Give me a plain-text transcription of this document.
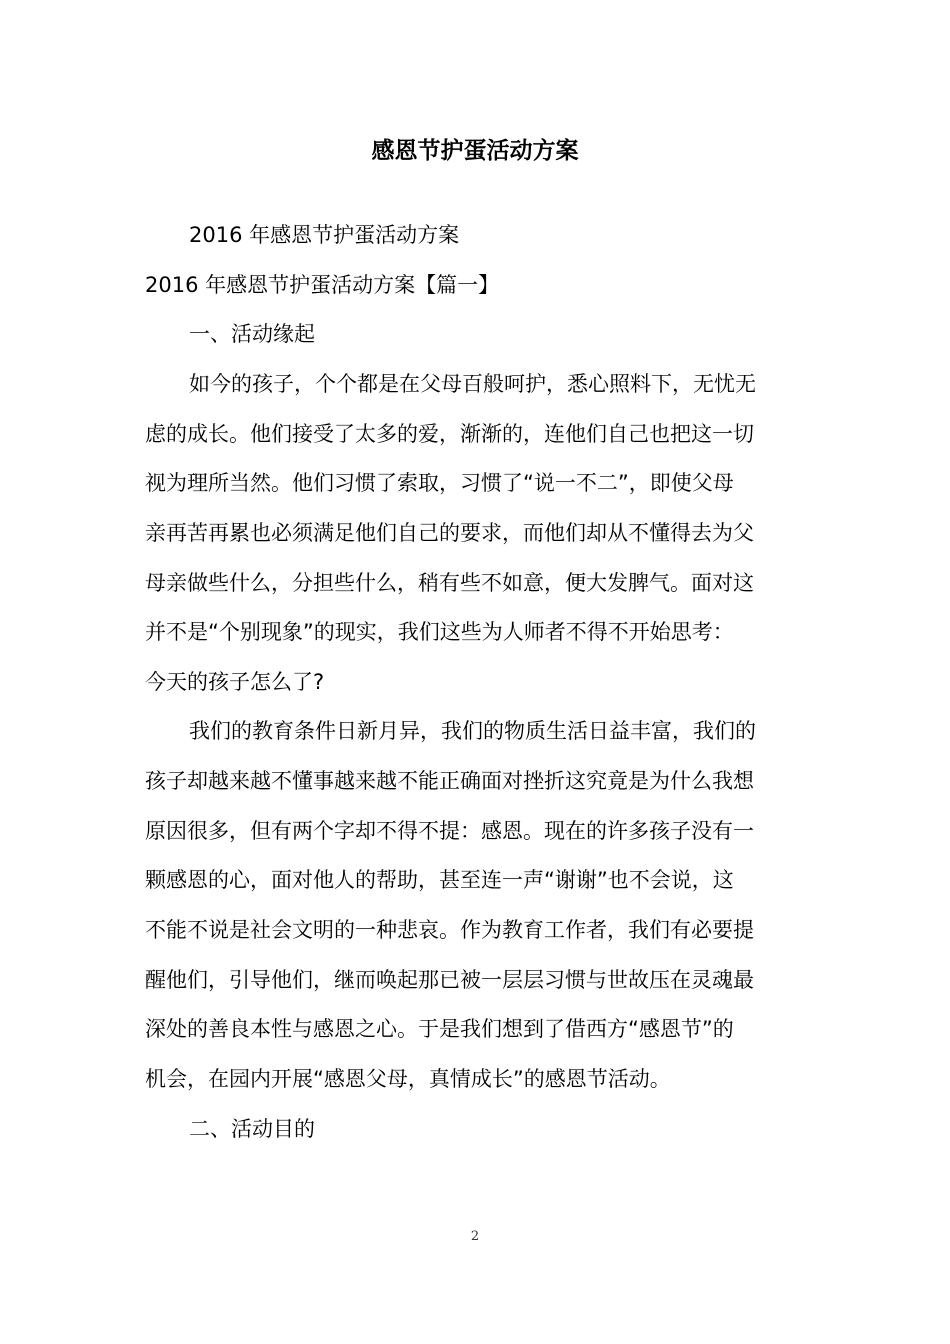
感恩节护蛋活动方案
2016 年感恩节护蛋活动方案
2016 年感恩节护蛋活动方案【篇一】
一、活动缘起
如今的孩子，个个都是在父母百般呵护，悉心照料下，无忧无
虑的成长。他们接受了太多的爱，渐渐的，连他们自己也把这一切
视为理所当然。他们习惯了索取，习惯了“说一不二”，即使父母
亲再苦再累也必须满足他们自己的要求，而他们却从不懂得去为父
母亲做些什么，分担些什么，稍有些不如意，便大发脾气。面对这
并不是“个别现象”的现实，我们这些为人师者不得不开始思考：
今天的孩子怎么了?
我们的教育条件日新月异，我们的物质生活日益丰富，我们的
孩子却越来越不懂事越来越不能正确面对挫折这究竟是为什么我想
原因很多，但有两个字却不得不提：感恩。现在的许多孩子没有一
颗感恩的心，面对他人的帮助，甚至连一声“谢谢”也不会说，这
不能不说是社会文明的一种悲哀。作为教育工作者，我们有必要提
醒他们，引导他们，继而唤起那已被一层层习惯与世故压在灵魂最
深处的善良本性与感恩之心。于是我们想到了借西方“感恩节”的
机会，在园内开展“感恩父母，真情成长”的感恩节活动。
二、活动目的
2
